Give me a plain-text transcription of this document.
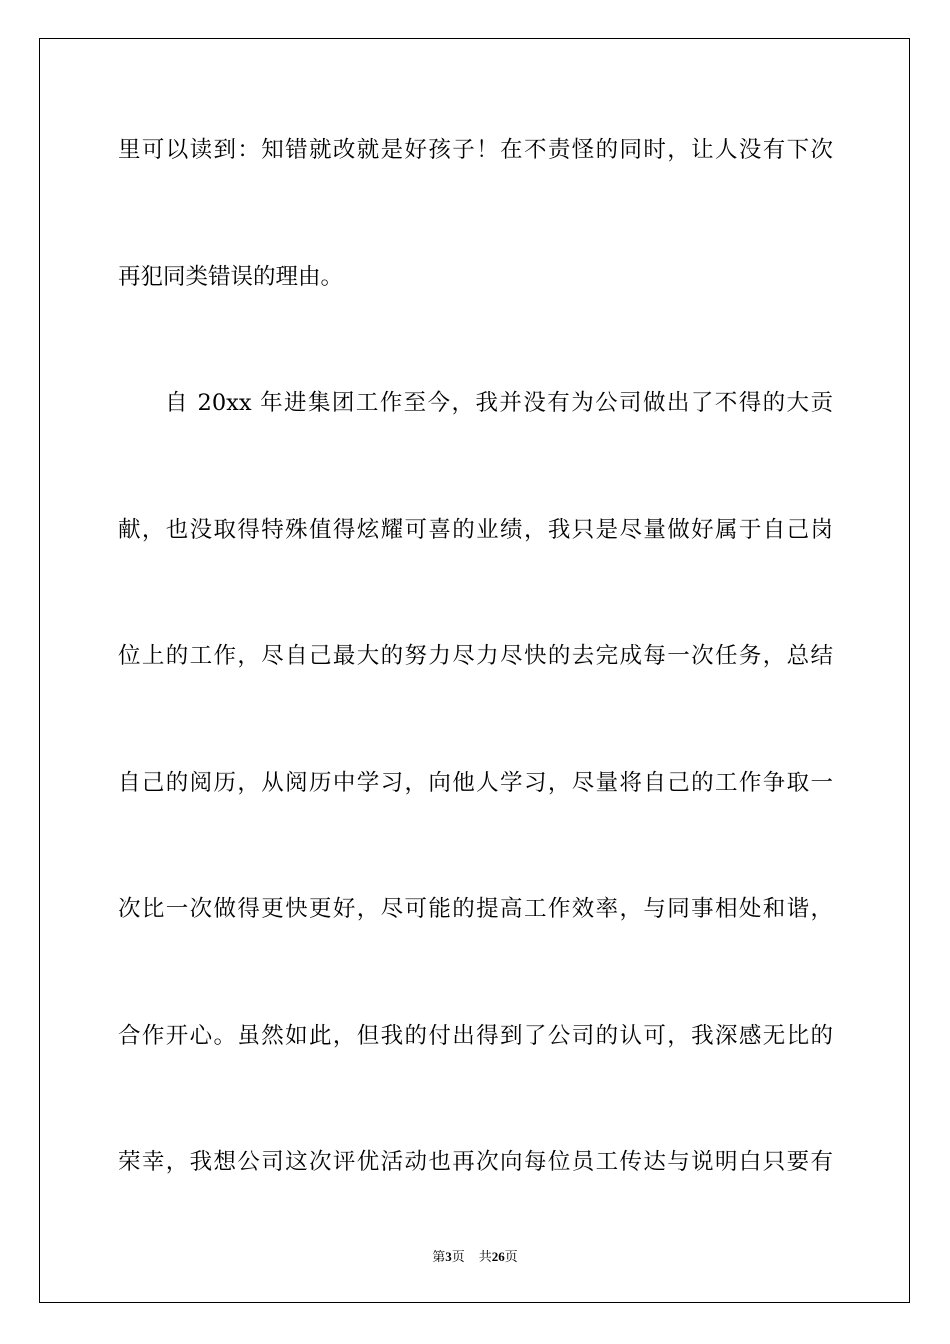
里可以读到：知错就改就是好孩子！在不责怪的同时，让人没有下次
再犯同类错误的理由。
自 20xx 年进集团工作至今，我并没有为公司做出了不得的大贡
献，也没取得特殊值得炫耀可喜的业绩，我只是尽量做好属于自己岗
位上的工作，尽自己最大的努力尽力尽快的去完成每一次任务，总结
自己的阅历，从阅历中学习，向他人学习，尽量将自己的工作争取一
次比一次做得更快更好，尽可能的提高工作效率，与同事相处和谐，
合作开心。虽然如此，但我的付出得到了公司的认可，我深感无比的
荣幸，我想公司这次评优活动也再次向每位员工传达与说明白只要有
第3页 共26页
